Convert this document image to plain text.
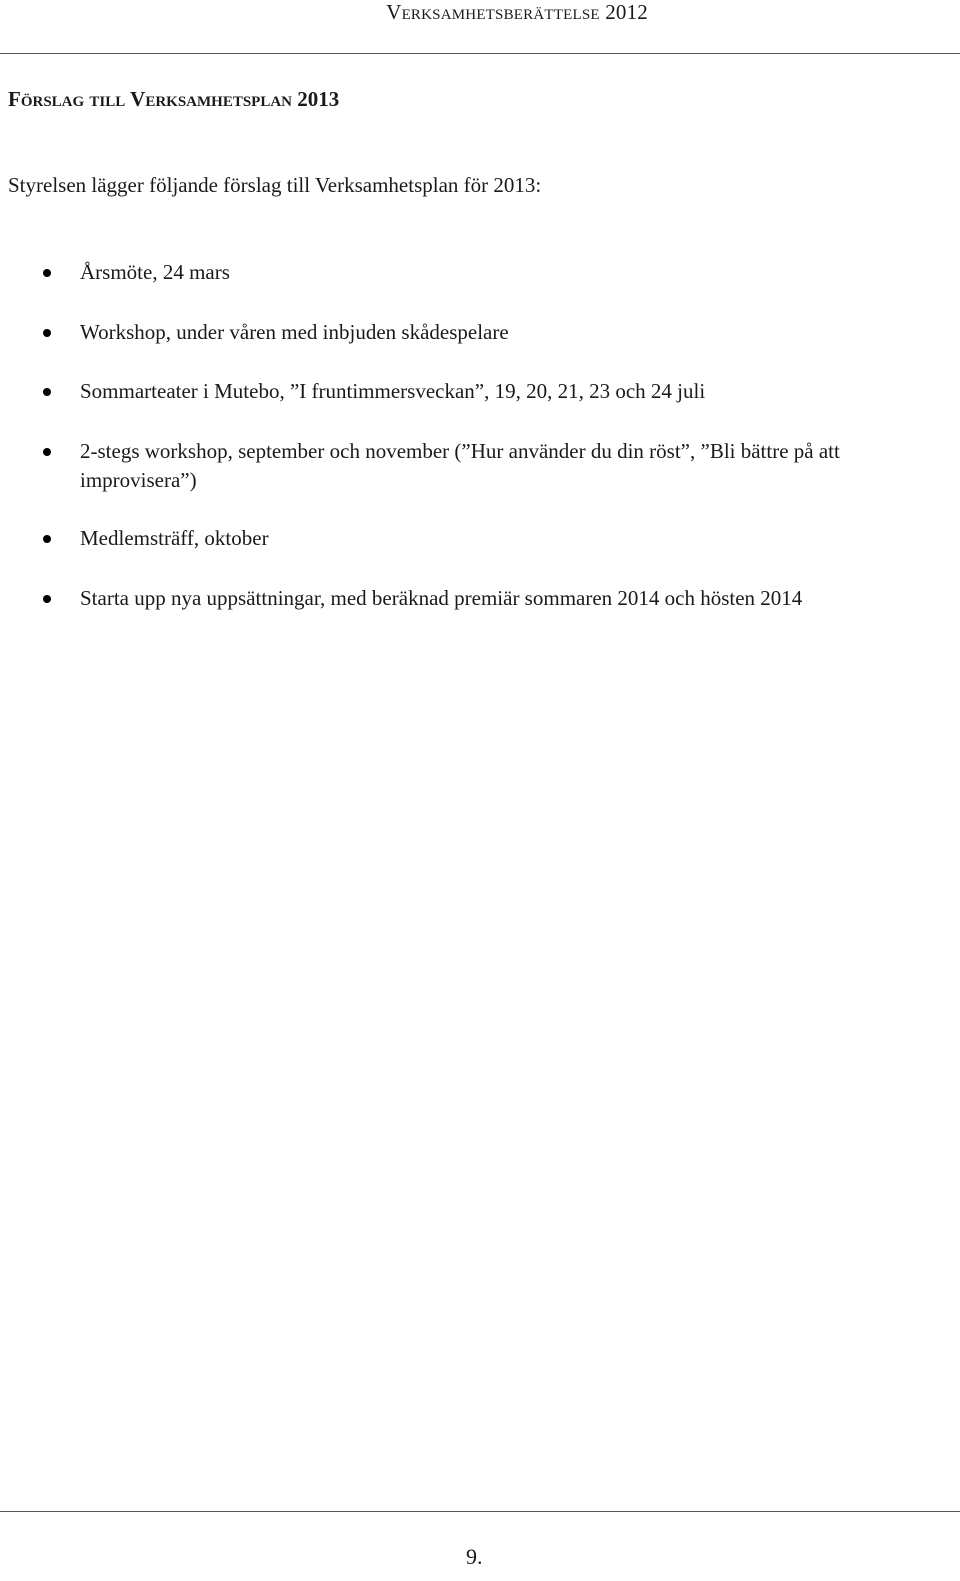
Verksamhetsberättelse 2012
Förslag till Verksamhetsplan 2013
Styrelsen lägger följande förslag till Verksamhetsplan för 2013:
Årsmöte, 24 mars
Workshop, under våren med inbjuden skådespelare
Sommarteater i Mutebo, ”I fruntimmersveckan”, 19, 20, 21, 23 och 24 juli
2-stegs workshop, september och november (”Hur använder du din röst”, ”Bli bättre på att improvisera”)
Medlemsträff, oktober
Starta upp nya uppsättningar, med beräknad premiär sommaren 2014 och hösten 2014
9.
